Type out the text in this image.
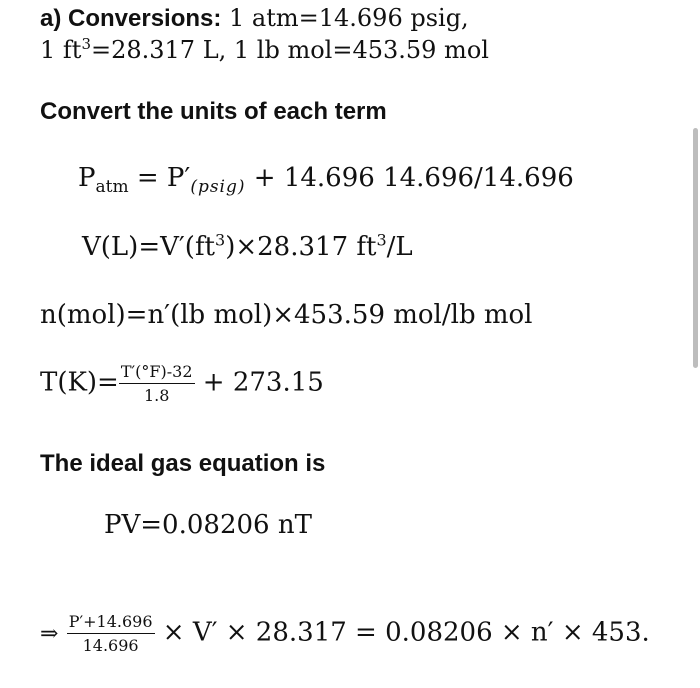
a) Conversions: 1 atm=14.696 psig,
1 $ft^3=28.317$ L, 1 lb mol=453.59 mol
Convert the units of each term
$P_{atm} = P'_{(psig)} + 14.696$ 14.696/14.696
$V(L)=V'(ft^3)\times 28.317$ $ft^3/L$
n(mol)=n′(lb mol)×453.59 mol/lb mol
$T(K)= \frac{T'(^\circ F)-32}{1.8} + 273.15$
The ideal gas equation is
PV=0.08206 nT
⇒ $\frac{P'+14.696}{14.696} \times V' \times 28.317 = 0.08206 \times n' \times 453$.
